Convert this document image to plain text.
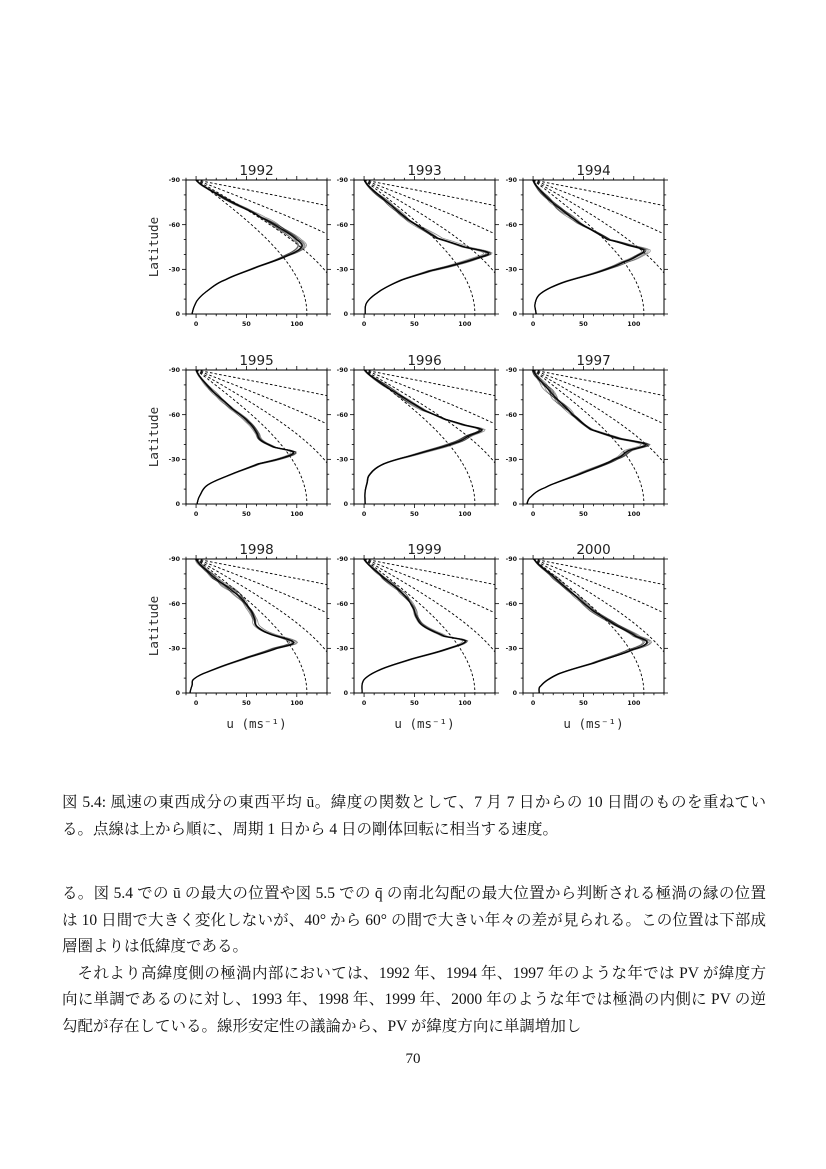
1992
0	50	100
-90
-60
-30
0
Latitude
1993
0	50	100
-90
-60
-30
0
1994
0	50	100
-90
-60
-30
0
1995
0	50	100
-90
-60
-30
0
Latitude
1996
0	50	100
-90
-60
-30
0
1997
0	50	100
-90
-60
-30
0
1998
0	50	100
-90
-60
-30
0
Latitude
u (ms⁻¹)
1999
0	50	100
-90
-60
-30
0
u (ms⁻¹)
2000
0	50	100
-90
-60
-30
0
u (ms⁻¹)

図 5.4: 風速の東西成分の東西平均 ū。緯度の関数として、7 月 7 日からの 10 日間のものを重ねている。点線は上から順に、周期 1 日から 4 日の剛体回転に相当する速度。

る。図 5.4 での ū の最大の位置や図 5.5 での q̄ の南北勾配の最大位置から判断される極渦の縁の位置は 10 日間で大きく変化しないが、40° から 60° の間で大きい年々の差が見られる。この位置は下部成層圏よりは低緯度である。

それより高緯度側の極渦内部においては、1992 年、1994 年、1997 年のような年では PV が緯度方向に単調であるのに対し、1993 年、1998 年、1999 年、2000 年のような年では極渦の内側に PV の逆勾配が存在している。線形安定性の議論から、PV が緯度方向に単調増加し

70
